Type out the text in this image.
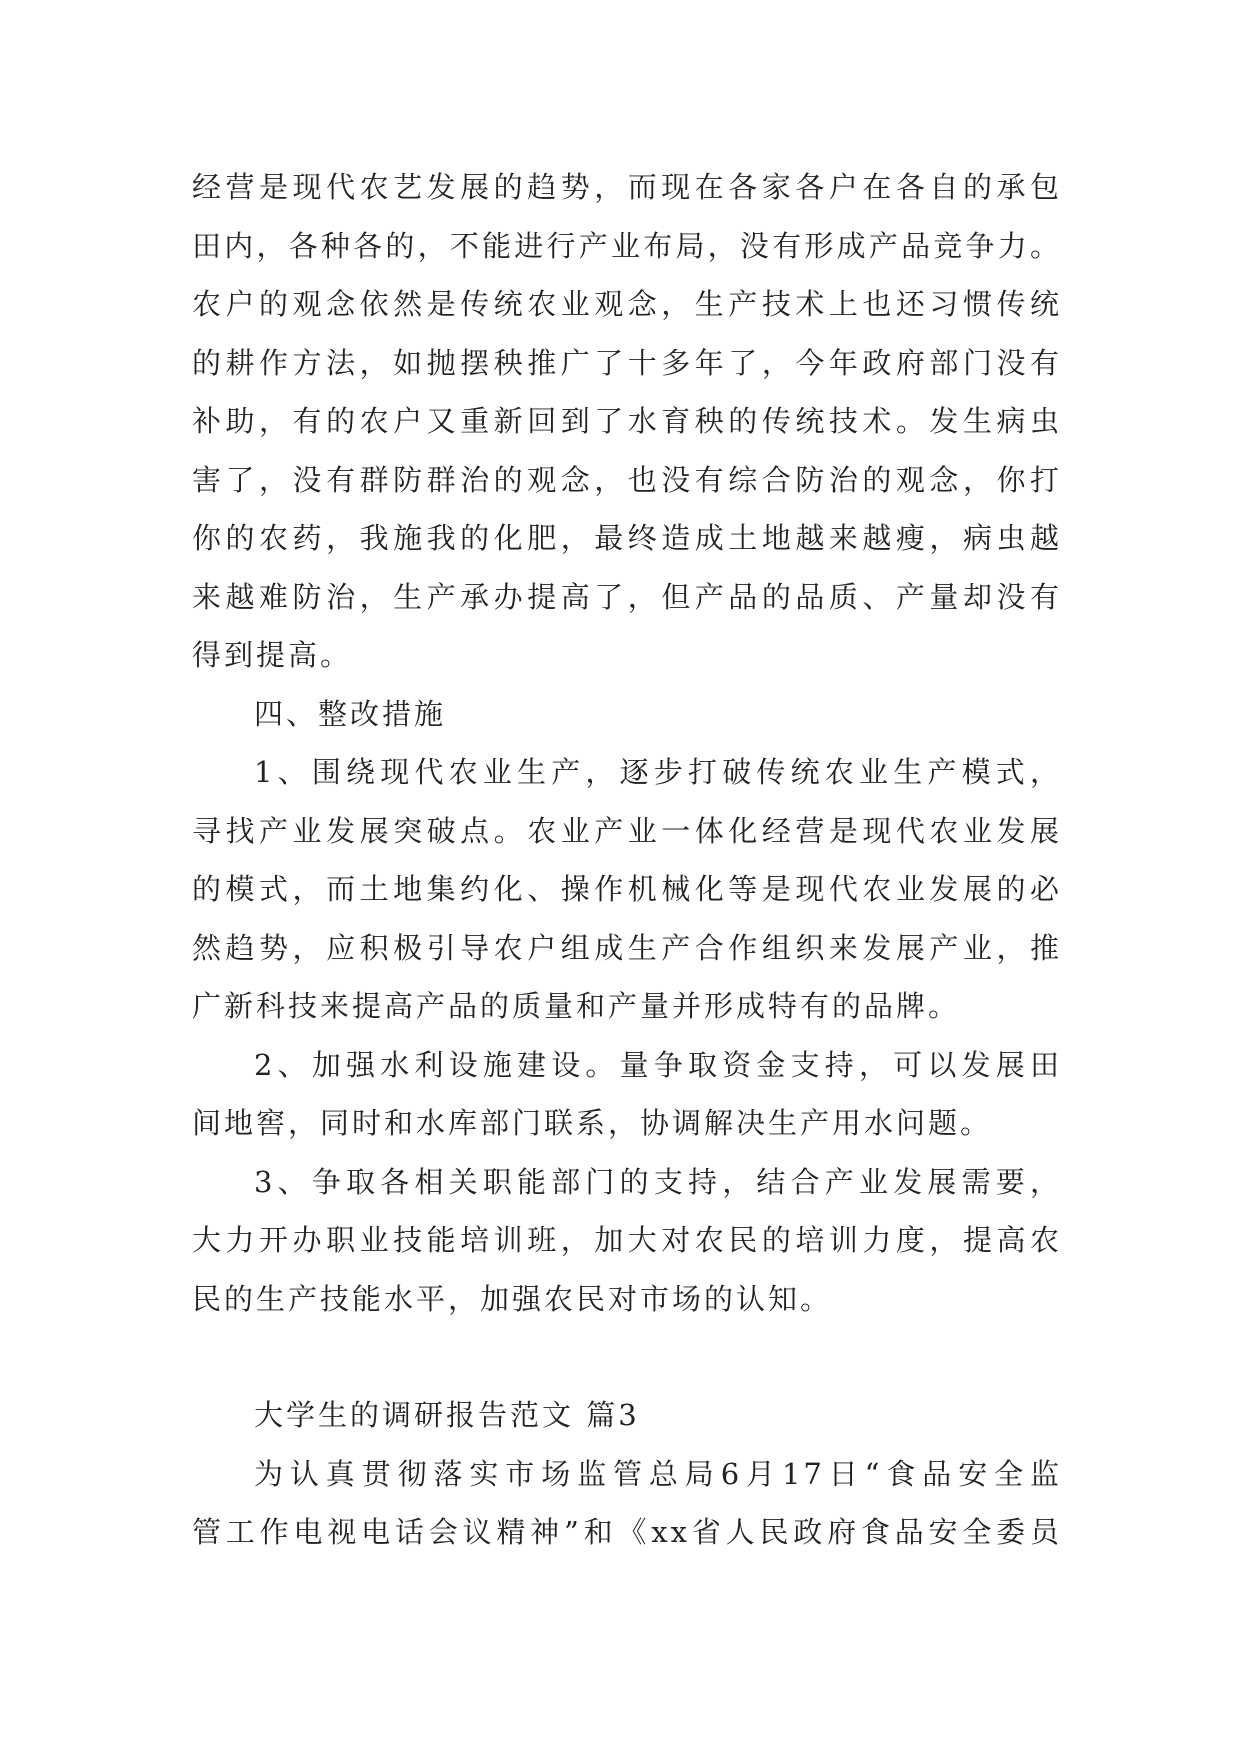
经营是现代农艺发展的趋势，而现在各家各户在各自的承包
田内，各种各的，不能进行产业布局，没有形成产品竞争力。
农户的观念依然是传统农业观念，生产技术上也还习惯传统
的耕作方法，如抛摆秧推广了十多年了，今年政府部门没有
补助，有的农户又重新回到了水育秧的传统技术。发生病虫
害了，没有群防群治的观念，也没有综合防治的观念，你打
你的农药，我施我的化肥，最终造成土地越来越瘦，病虫越
来越难防治，生产承办提高了，但产品的品质、产量却没有
得到提高。
四、整改措施
1、围绕现代农业生产，逐步打破传统农业生产模式，
寻找产业发展突破点。农业产业一体化经营是现代农业发展
的模式，而土地集约化、操作机械化等是现代农业发展的必
然趋势，应积极引导农户组成生产合作组织来发展产业，推
广新科技来提高产品的质量和产量并形成特有的品牌。
2、加强水利设施建设。量争取资金支持，可以发展田
间地窖，同时和水库部门联系，协调解决生产用水问题。
3、争取各相关职能部门的支持，结合产业发展需要，
大力开办职业技能培训班，加大对农民的培训力度，提高农
民的生产技能水平，加强农民对市场的认知。
大学生的调研报告范文 篇3
为认真贯彻落实市场监管总局6月17日“食品安全监
管工作电视电话会议精神”和《xx省人民政府食品安全委员
